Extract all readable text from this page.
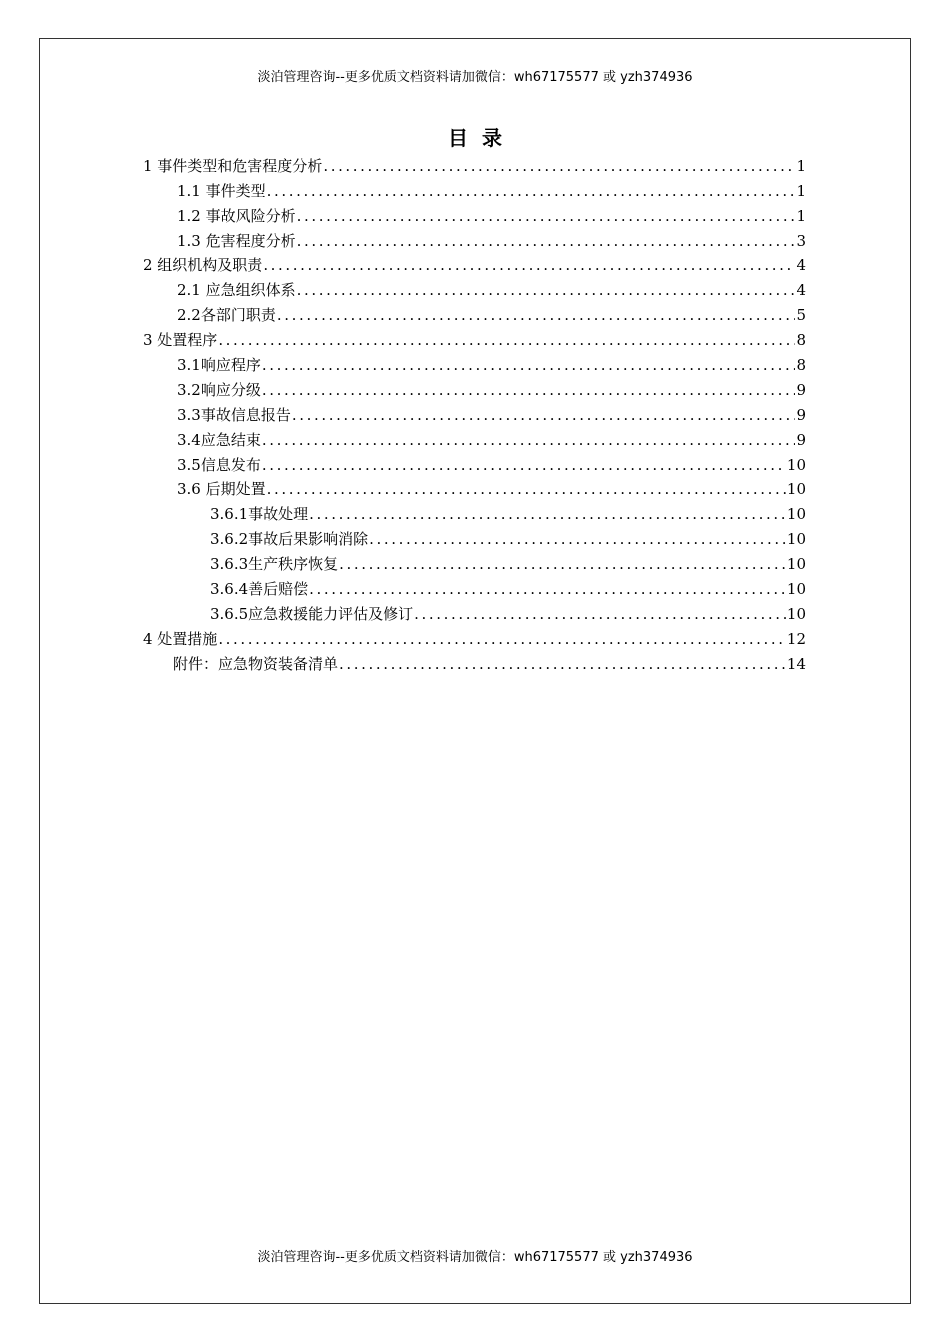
淡泊管理咨询--更多优质文档资料请加微信：wh67175577 或 yzh374936
目录
1 事件类型和危害程度分析 .....	1
1.1 事件类型 .....	1
1.2 事故风险分析 .....	1
1.3 危害程度分析 .....	3
2 组织机构及职责 .....	4
2.1 应急组织体系 .....	4
2.2各部门职责 .....	5
3 处置程序 .....	8
3.1响应程序 .....	8
3.2响应分级 .....	9
3.3事故信息报告 .....	9
3.4应急结束 .....	9
3.5信息发布 .....	10
3.6 后期处置 .....	10
3.6.1事故处理 .....	10
3.6.2事故后果影响消除 .....	10
3.6.3生产秩序恢复 .....	10
3.6.4善后赔偿 .....	10
3.6.5应急救援能力评估及修订 .....	10
4 处置措施 .....	12
附件：应急物资装备清单 .....	14
淡泊管理咨询--更多优质文档资料请加微信：wh67175577 或 yzh374936
